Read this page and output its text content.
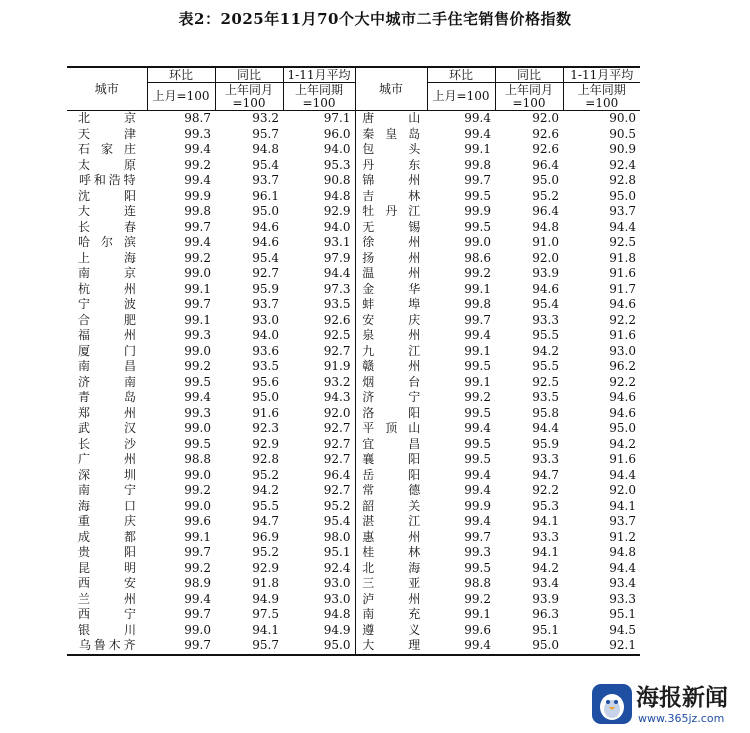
表2：2025年11月70个大中城市二手住宅销售价格指数
城市	环比	同比	1-11月平均	城市	环比	同比	1-11月平均
	上月=100	上年同月=100	上年同期=100		上月=100	上年同月=100	上年同期=100
北京	98.7	93.2	97.1	唐山	99.4	92.0	90.0
天津	99.3	95.7	96.0	秦皇岛	99.4	92.6	90.5
石家庄	99.4	94.8	94.0	包头	99.1	92.6	90.9
太原	99.2	95.4	95.3	丹东	99.8	96.4	92.4
呼和浩特	99.4	93.7	90.8	锦州	99.7	95.0	92.8
沈阳	99.9	96.1	94.8	吉林	99.5	95.2	95.0
大连	99.8	95.0	92.9	牡丹江	99.9	96.4	93.7
长春	99.7	94.6	94.0	无锡	99.5	94.8	94.4
哈尔滨	99.4	94.6	93.1	徐州	99.0	91.0	92.5
上海	99.2	95.4	97.9	扬州	98.6	92.0	91.8
南京	99.0	92.7	94.4	温州	99.2	93.9	91.6
杭州	99.1	95.9	97.3	金华	99.1	94.6	91.7
宁波	99.7	93.7	93.5	蚌埠	99.8	95.4	94.6
合肥	99.1	93.0	92.6	安庆	99.7	93.3	92.2
福州	99.3	94.0	92.5	泉州	99.4	95.5	91.6
厦门	99.0	93.6	92.7	九江	99.1	94.2	93.0
南昌	99.2	93.5	91.9	赣州	99.5	95.5	96.2
济南	99.5	95.6	93.2	烟台	99.1	92.5	92.2
青岛	99.4	95.0	94.3	济宁	99.2	93.5	94.6
郑州	99.3	91.6	92.0	洛阳	99.5	95.8	94.6
武汉	99.0	92.3	92.7	平顶山	99.4	94.4	95.0
长沙	99.5	92.9	92.7	宜昌	99.5	95.9	94.2
广州	98.8	92.8	92.7	襄阳	99.5	93.3	91.6
深圳	99.0	95.2	96.4	岳阳	99.4	94.7	94.4
南宁	99.2	94.2	92.7	常德	99.4	92.2	92.0
海口	99.0	95.5	95.2	韶关	99.9	95.3	94.1
重庆	99.6	94.7	95.4	湛江	99.4	94.1	93.7
成都	99.1	96.9	98.0	惠州	99.7	93.3	91.2
贵阳	99.7	95.2	95.1	桂林	99.3	94.1	94.8
昆明	99.2	92.9	92.4	北海	99.5	94.2	94.4
西安	98.9	91.8	93.0	三亚	98.8	93.4	93.4
兰州	99.4	94.9	93.0	泸州	99.2	93.9	93.3
西宁	99.7	97.5	94.8	南充	99.1	96.3	95.1
银川	99.0	94.1	94.9	遵义	99.6	95.1	94.5
乌鲁木齐	99.7	95.7	95.0	大理	99.4	95.0	92.1
海报新闻
www.365jz.com
